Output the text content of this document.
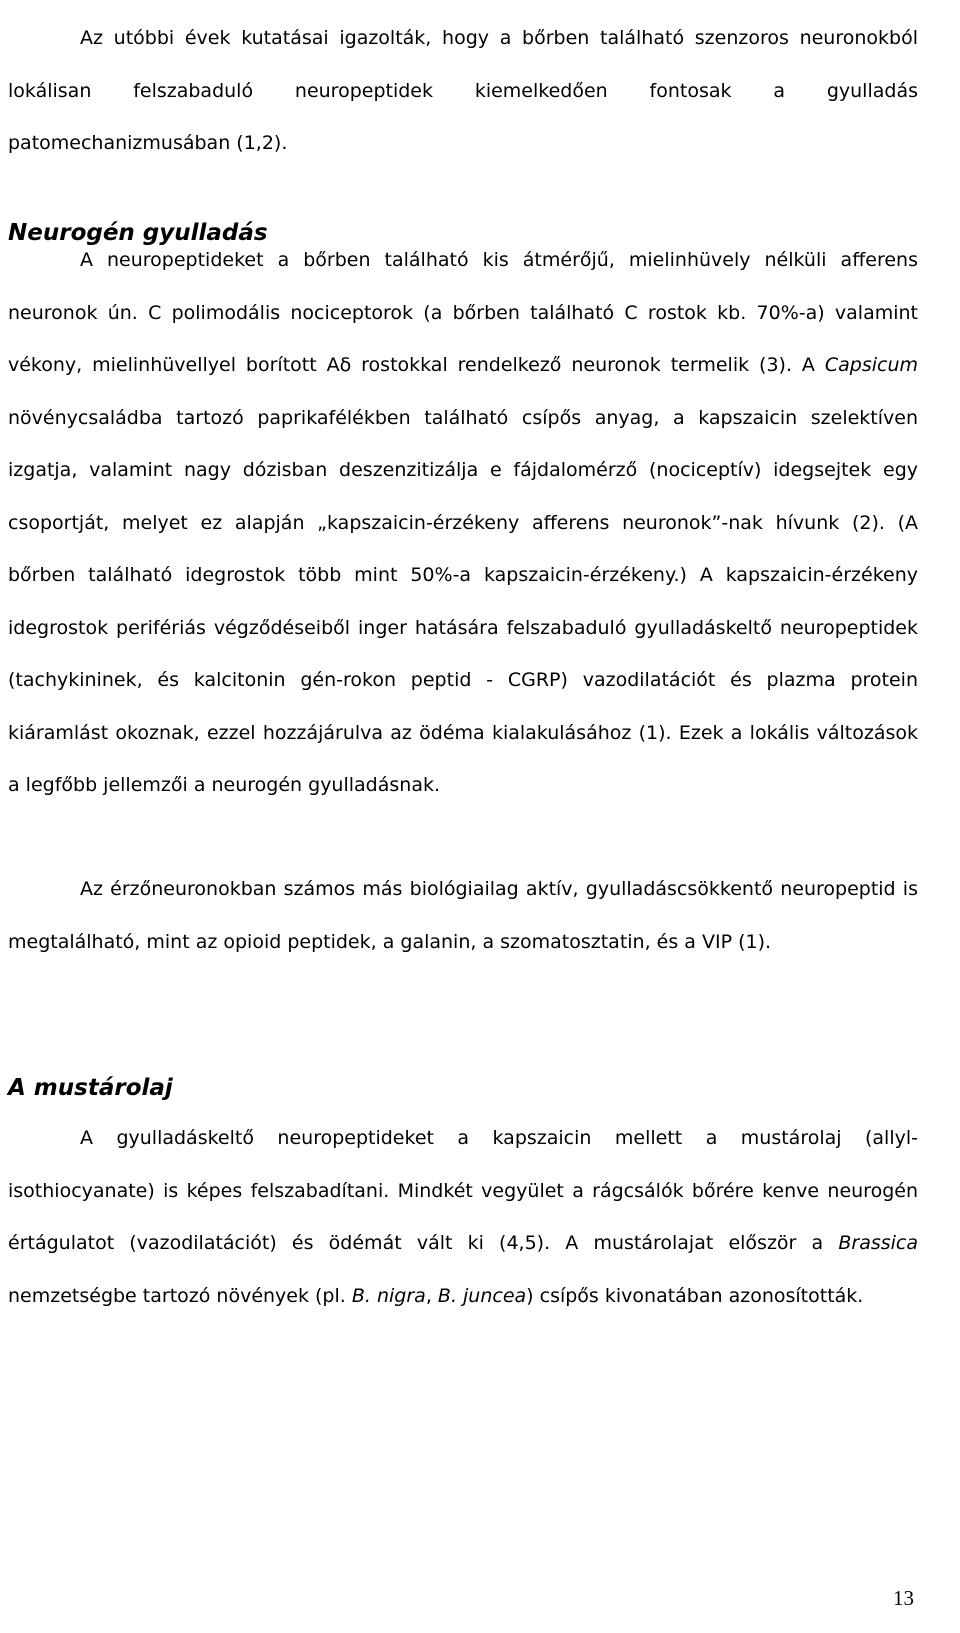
Az utóbbi évek kutatásai igazolták, hogy a bőrben található szenzoros neuronokból lokálisan felszabaduló neuropeptidek kiemelkedően fontosak a gyulladás patomechanizmusában (1,2).

Neurogén gyulladás

A neuropeptideket a bőrben található kis átmérőjű, mielinhüvely nélküli afferens neuronok ún. C polimodális nociceptorok (a bőrben található C rostok kb. 70%-a) valamint vékony, mielinhüvellyel borított Aδ rostokkal rendelkező neuronok termelik (3). A Capsicum növénycsaládba tartozó paprikafélékben található csípős anyag, a kapszaicin szelektíven izgatja, valamint nagy dózisban deszenzitizálja e fájdalomérző (nociceptív) idegsejtek egy csoportját, melyet ez alapján „kapszaicin-érzékeny afferens neuronok”-nak hívunk (2). (A bőrben található idegrostok több mint 50%-a kapszaicin-érzékeny.) A kapszaicin-érzékeny idegrostok perifériás végződéseiből inger hatására felszabaduló gyulladáskeltő neuropeptidek (tachykininek, és kalcitonin gén-rokon peptid - CGRP) vazodilatációt és plazma protein kiáramlást okoznak, ezzel hozzájárulva az ödéma kialakulásához (1). Ezek a lokális változások a legfőbb jellemzői a neurogén gyulladásnak.

Az érzőneuronokban számos más biológiailag aktív, gyulladáscsökkentő neuropeptid is megtalálható, mint az opioid peptidek, a galanin, a szomatosztatin, és a VIP (1).

A mustárolaj

A gyulladáskeltő neuropeptideket a kapszaicin mellett a mustárolaj (allyl-isothiocyanate) is képes felszabadítani. Mindkét vegyület a rágcsálók bőrére kenve neurogén értágulatot (vazodilatációt) és ödémát vált ki (4,5). A mustárolajat először a Brassica nemzetségbe tartozó növények (pl. B. nigra, B. juncea) csípős kivonatában azonosították.

13
